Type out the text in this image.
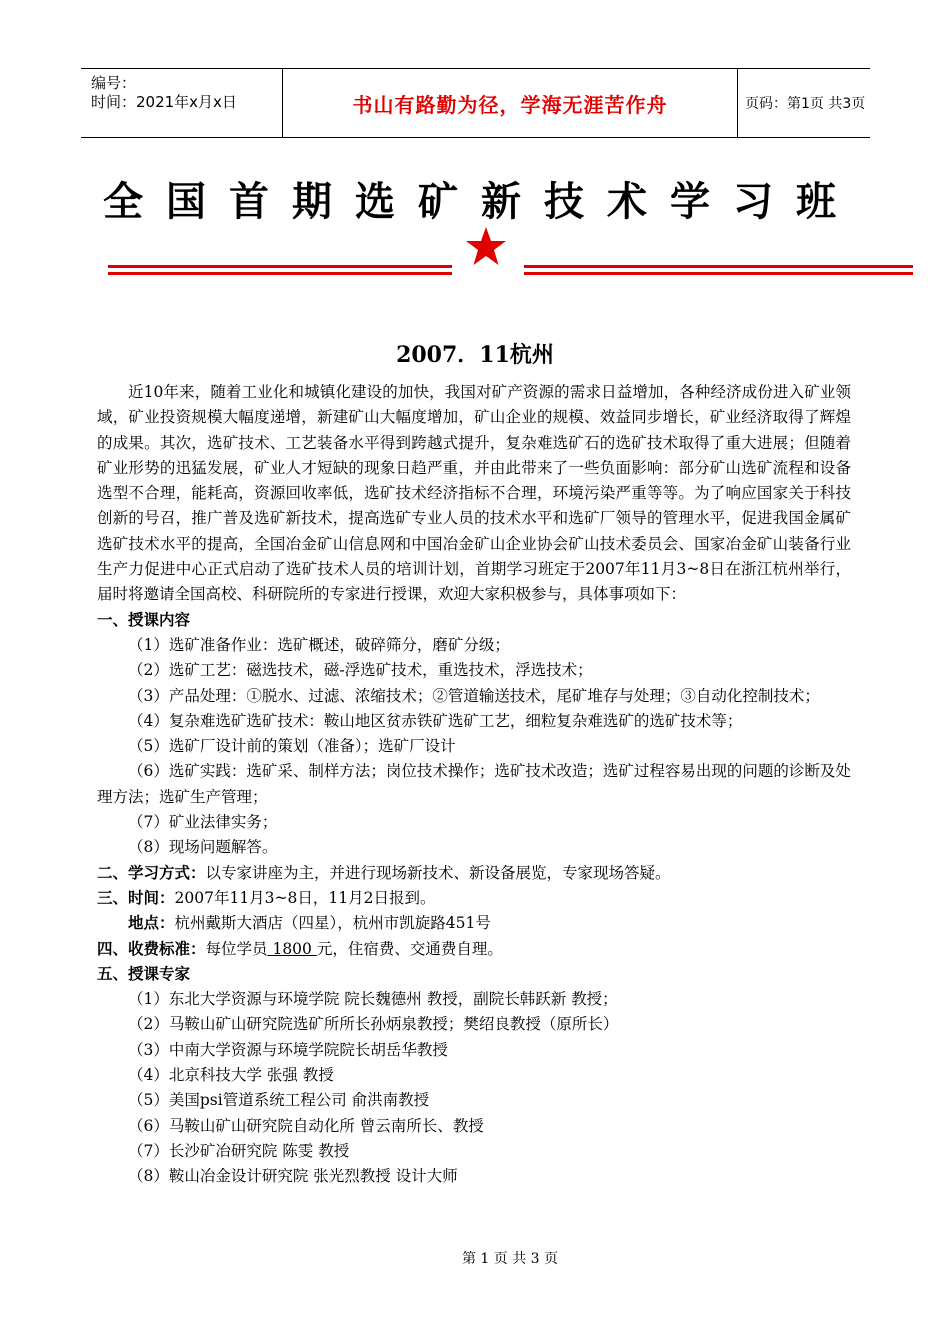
编号：
时间：2021年x月x日	书山有路勤为径，学海无涯苦作舟	页码：第1页 共3页
全国首期选矿新技术学习班
2007．11杭州

近10年来，随着工业化和城镇化建设的加快，我国对矿产资源的需求日益增加，各种经济成份进入矿业领域，矿业投资规模大幅度递增，新建矿山大幅度增加，矿山企业的规模、效益同步增长，矿业经济取得了辉煌的成果。其次，选矿技术、工艺装备水平得到跨越式提升，复杂难选矿石的选矿技术取得了重大进展；但随着矿业形势的迅猛发展，矿业人才短缺的现象日趋严重，并由此带来了一些负面影响：部分矿山选矿流程和设备选型不合理，能耗高，资源回收率低，选矿技术经济指标不合理，环境污染严重等等。为了响应国家关于科技创新的号召，推广普及选矿新技术，提高选矿专业人员的技术水平和选矿厂领导的管理水平，促进我国金属矿选矿技术水平的提高，全国冶金矿山信息网和中国冶金矿山企业协会矿山技术委员会、国家冶金矿山装备行业生产力促进中心正式启动了选矿技术人员的培训计划，首期学习班定于2007年11月3~8日在浙江杭州举行，届时将邀请全国高校、科研院所的专家进行授课，欢迎大家积极参与，具体事项如下：

一、授课内容

（1）选矿准备作业：选矿概述，破碎筛分，磨矿分级；

（2）选矿工艺：磁选技术，磁-浮选矿技术，重选技术，浮选技术；

（3）产品处理：①脱水、过滤、浓缩技术；②管道输送技术，尾矿堆存与处理；③自动化控制技术；

（4）复杂难选矿选矿技术：鞍山地区贫赤铁矿选矿工艺，细粒复杂难选矿的选矿技术等；

（5）选矿厂设计前的策划（准备）；选矿厂设计

（6）选矿实践：选矿采、制样方法；岗位技术操作；选矿技术改造；选矿过程容易出现的问题的诊断及处理方法；选矿生产管理；

（7）矿业法律实务；

（8）现场问题解答。

二、学习方式：以专家讲座为主，并进行现场新技术、新设备展览，专家现场答疑。

三、时间：2007年11月3~8日，11月2日报到。

地点：杭州戴斯大酒店（四星），杭州市凯旋路451号

四、收费标准：每位学员 1800 元，住宿费、交通费自理。

五、授课专家

（1）东北大学资源与环境学院 院长魏德州 教授，副院长韩跃新 教授；

（2）马鞍山矿山研究院选矿所所长孙炳泉教授；樊绍良教授（原所长）

（3）中南大学资源与环境学院院长胡岳华教授

（4）北京科技大学 张强 教授

（5）美国psi管道系统工程公司 俞洪南教授

（6）马鞍山矿山研究院自动化所 曾云南所长、教授

（7）长沙矿冶研究院 陈雯 教授

（8）鞍山冶金设计研究院 张光烈教授 设计大师

第 1 页 共 3 页
